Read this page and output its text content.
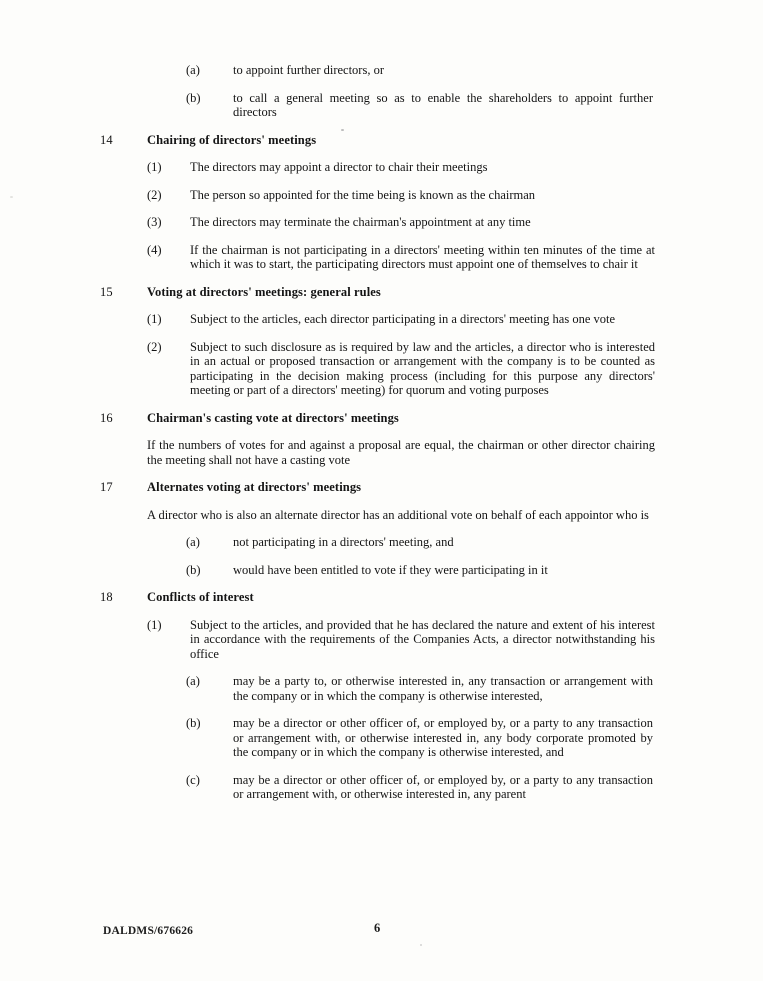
(a)	to appoint further directors, or
(b)	to call a general meeting so as to enable the shareholders to appoint further directors
14	Chairing of directors' meetings
(1) The directors may appoint a director to chair their meetings
(2) The person so appointed for the time being is known as the chairman
(3) The directors may terminate the chairman's appointment at any time
(4) If the chairman is not participating in a directors' meeting within ten minutes of the time at which it was to start, the participating directors must appoint one of themselves to chair it
15	Voting at directors' meetings: general rules
(1) Subject to the articles, each director participating in a directors' meeting has one vote
(2) Subject to such disclosure as is required by law and the articles, a director who is interested in an actual or proposed transaction or arrangement with the company is to be counted as participating in the decision making process (including for this purpose any directors' meeting or part of a directors' meeting) for quorum and voting purposes
16	Chairman's casting vote at directors' meetings
If the numbers of votes for and against a proposal are equal, the chairman or other director chairing the meeting shall not have a casting vote
17	Alternates voting at directors' meetings
A director who is also an alternate director has an additional vote on behalf of each appointor who is
(a)	not participating in a directors' meeting, and
(b)	would have been entitled to vote if they were participating in it
18	Conflicts of interest
(1) Subject to the articles, and provided that he has declared the nature and extent of his interest in accordance with the requirements of the Companies Acts, a director notwithstanding his office
(a)	may be a party to, or otherwise interested in, any transaction or arrangement with the company or in which the company is otherwise interested,
(b)	may be a director or other officer of, or employed by, or a party to any transaction or arrangement with, or otherwise interested in, any body corporate promoted by the company or in which the company is otherwise interested, and
(c)	may be a director or other officer of, or employed by, or a party to any transaction or arrangement with, or otherwise interested in, any parent
DALDMS/676626	6
